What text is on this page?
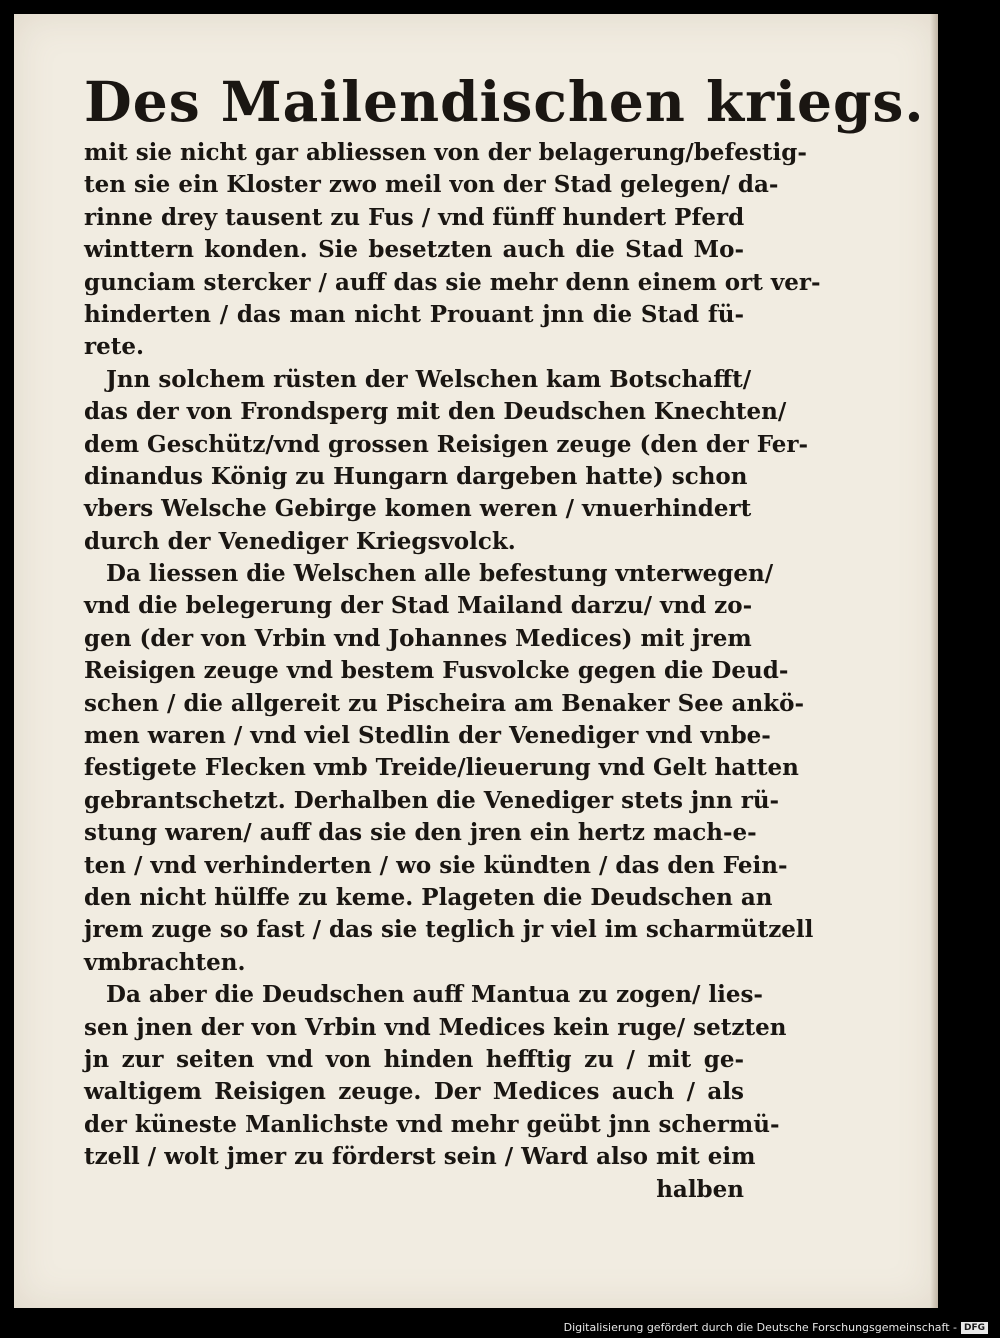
Des Mailendischen kriegs.
mit sie nicht gar abliessen von der belagerung/befestig-
ten sie ein Kloster zwo meil von der Stad gelegen/ da-
rinne drey tausent zu Fus / vnd fünff hundert Pferd
winttern konden. Sie besetzten auch die Stad Mo-
gunciam stercker / auff das sie mehr denn einem ort ver-
hinderten / das man nicht Prouant jnn die Stad fü-
rete.
Jnn solchem rüsten der Welschen kam Botschafft/
das der von Frondsperg mit den Deudschen Knechten/
dem Geschütz/vnd grossen Reisigen zeuge (den der Fer-
dinandus König zu Hungarn dargeben hatte) schon
vbers Welsche Gebirge komen weren / vnuerhindert
durch der Venediger Kriegsvolck.
Da liessen die Welschen alle befestung vnterwegen/
vnd die belegerung der Stad Mailand darzu/ vnd zo-
gen (der von Vrbin vnd Johannes Medices) mit jrem
Reisigen zeuge vnd bestem Fusvolcke gegen die Deud-
schen / die allgereit zu Pischeira am Benaker See ankö-
men waren / vnd viel Stedlin der Venediger vnd vnbe-
festigete Flecken vmb Treide/lieuerung vnd Gelt hatten
gebrantschetzt. Derhalben die Venediger stets jnn rü-
stung waren/ auff das sie den jren ein hertz mach-e-
ten / vnd verhinderten / wo sie kündten / das den Fein-
den nicht hülffe zu keme. Plageten die Deudschen an
jrem zuge so fast / das sie teglich jr viel im scharmützell
vmbrachten.
Da aber die Deudschen auff Mantua zu zogen/ lies-
sen jnen der von Vrbin vnd Medices kein ruge/ setzten
jn zur seiten vnd von hinden hefftig zu / mit ge-
waltigem Reisigen zeuge. Der Medices auch / als
der küneste Manlichste vnd mehr geübt jnn schermü-
tzell / wolt jmer zu förderst sein / Ward also mit eim
halben
Digitalisierung gefördert durch die Deutsche Forschungsgemeinschaft - DFG
